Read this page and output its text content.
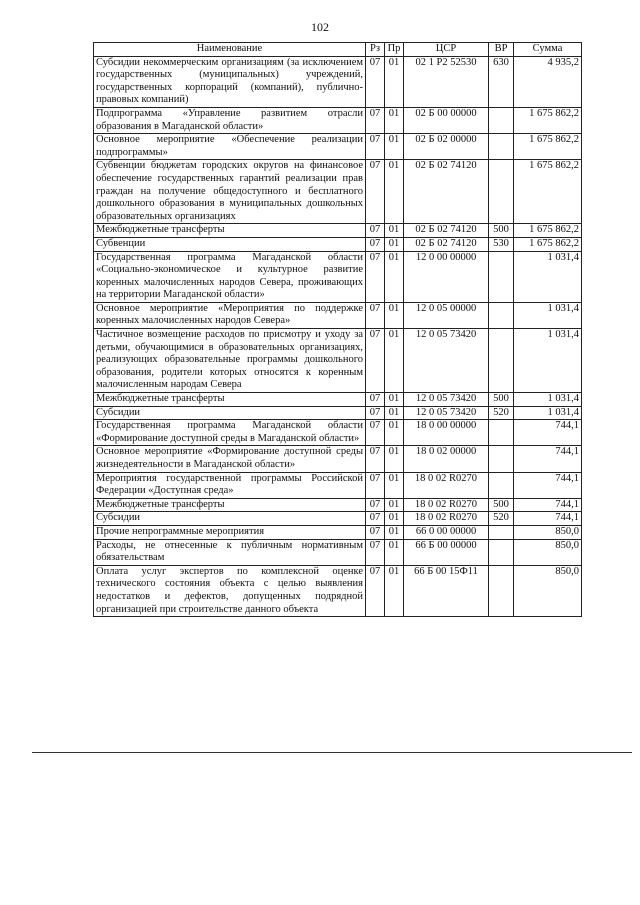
102
Наименование	Рз	Пр	ЦСР	ВР	Сумма
Субсидии некоммерческим организациям (за исключением государственных (муниципальных) учреждений, государственных корпораций (компаний), публично-правовых компаний)	07	01	02 1 Р2 52530	630	4 935,2
Подпрограмма «Управление развитием отрасли образования в Магаданской области»	07	01	02 Б 00 00000		1 675 862,2
Основное мероприятие «Обеспечение реализации подпрограммы»	07	01	02 Б 02 00000		1 675 862,2
Субвенции бюджетам городских округов на финансовое обеспечение государственных гарантий реализации прав граждан на получение общедоступного и бесплатного дошкольного образования в муниципальных дошкольных образовательных организациях	07	01	02 Б 02 74120		1 675 862,2
Межбюджетные трансферты	07	01	02 Б 02 74120	500	1 675 862,2
Субвенции	07	01	02 Б 02 74120	530	1 675 862,2
Государственная программа Магаданской области «Социально-экономическое и культурное развитие коренных малочисленных народов Севера, проживающих на территории Магаданской области»	07	01	12 0 00 00000		1 031,4
Основное мероприятие «Мероприятия по поддержке коренных малочисленных народов Севера»	07	01	12 0 05 00000		1 031,4
Частичное возмещение расходов по присмотру и уходу за детьми, обучающимися в образовательных организациях, реализующих образовательные программы дошкольного образования, родители которых относятся к коренным малочисленным народам Севера	07	01	12 0 05 73420		1 031,4
Межбюджетные трансферты	07	01	12 0 05 73420	500	1 031,4
Субсидии	07	01	12 0 05 73420	520	1 031,4
Государственная программа Магаданской области «Формирование доступной среды в Магаданской области»	07	01	18 0 00 00000		744,1
Основное мероприятие «Формирование доступной среды жизнедеятельности в Магаданской области»	07	01	18 0 02 00000		744,1
Мероприятия государственной программы Российской Федерации «Доступная среда»	07	01	18 0 02 R0270		744,1
Межбюджетные трансферты	07	01	18 0 02 R0270	500	744,1
Субсидии	07	01	18 0 02 R0270	520	744,1
Прочие непрограммные мероприятия	07	01	66 0 00 00000		850,0
Расходы, не отнесенные к публичным нормативным обязательствам	07	01	66 Б 00 00000		850,0
Оплата услуг экспертов по комплексной оценке технического состояния объекта с целью выявления недостатков и дефектов, допущенных подрядной организацией при строительстве данного объекта	07	01	66 Б 00 15Ф11		850,0
